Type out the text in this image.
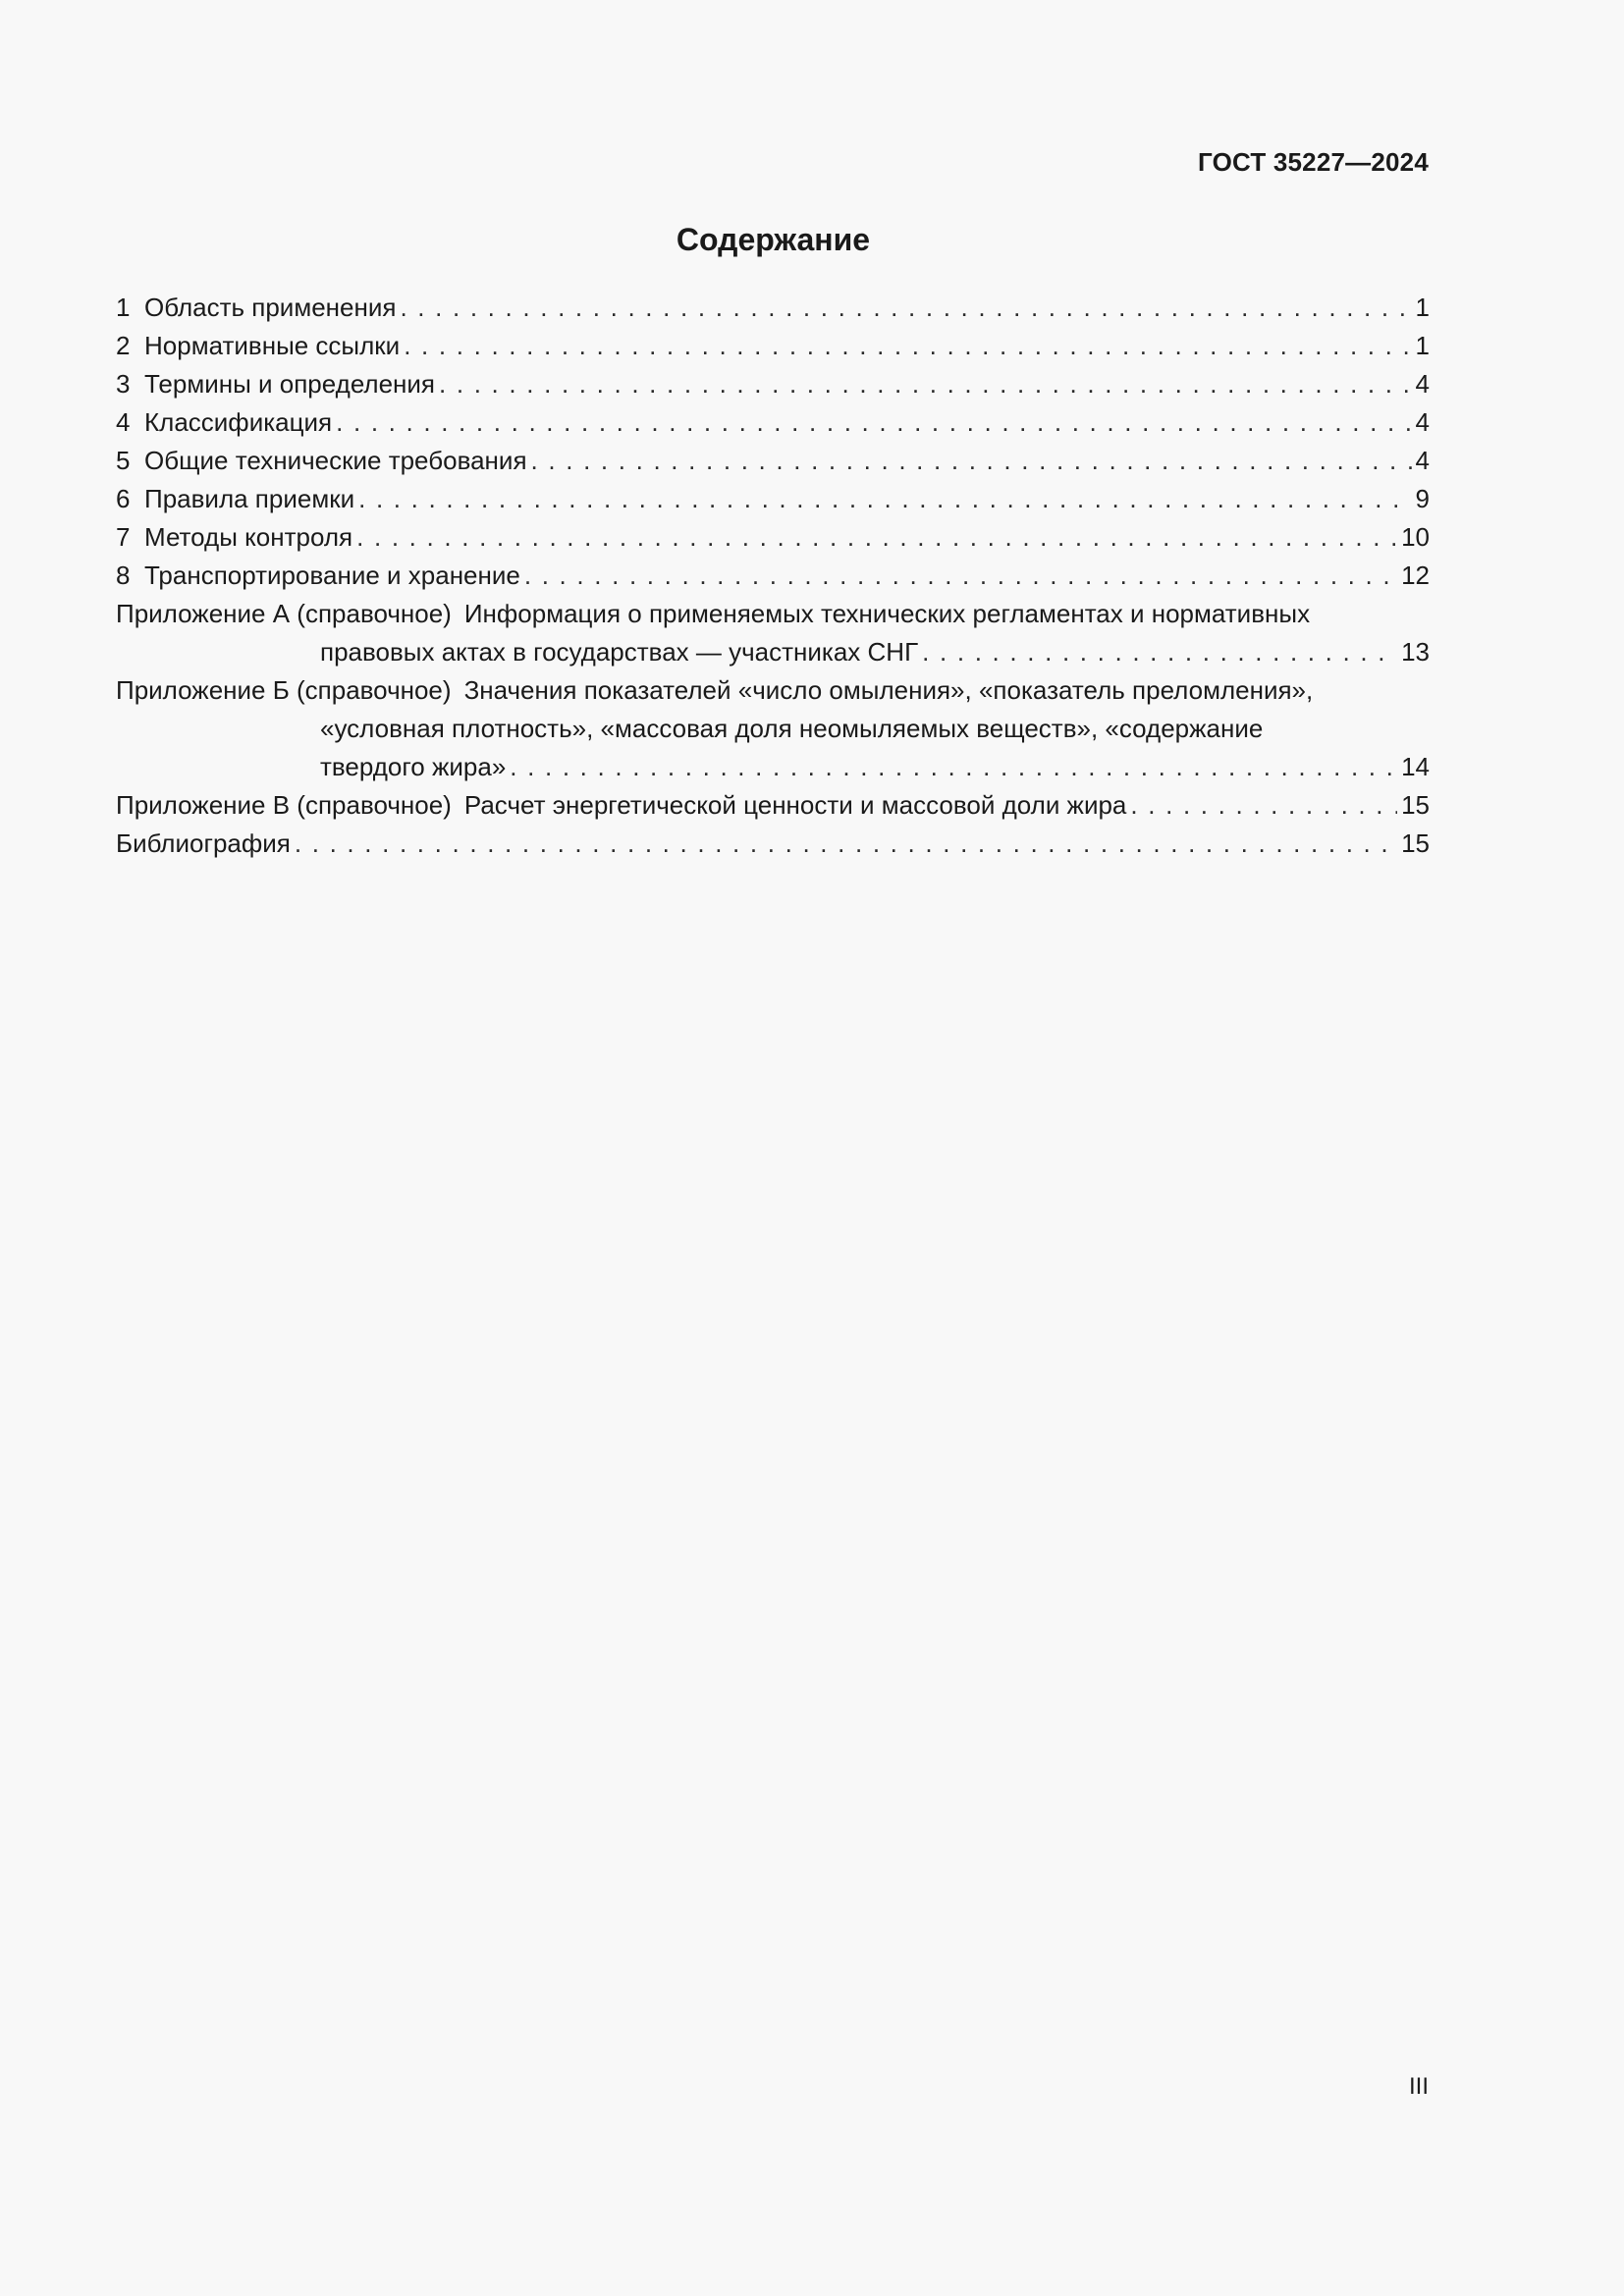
ГОСТ 35227—2024
Содержание
1 Область применения . . .	1
2 Нормативные ссылки . . .	1
3 Термины и определения . . .	4
4 Классификация . . .	4
5 Общие технические требования . . .	4
6 Правила приемки . . .	9
7 Методы контроля . . .	10
8 Транспортирование и хранение . . .	12
Приложение А (справочное) Информация о применяемых технических регламентах и нормативных
правовых актах в государствах — участниках СНГ . . .	13
Приложение Б (справочное) Значения показателей «число омыления», «показатель преломления»,
«условная плотность», «массовая доля неомыляемых веществ», «содержание
твердого жира» . . .	14
Приложение В (справочное) Расчет энергетической ценности и массовой доли жира . . .	15
Библиография . . .	15
III
